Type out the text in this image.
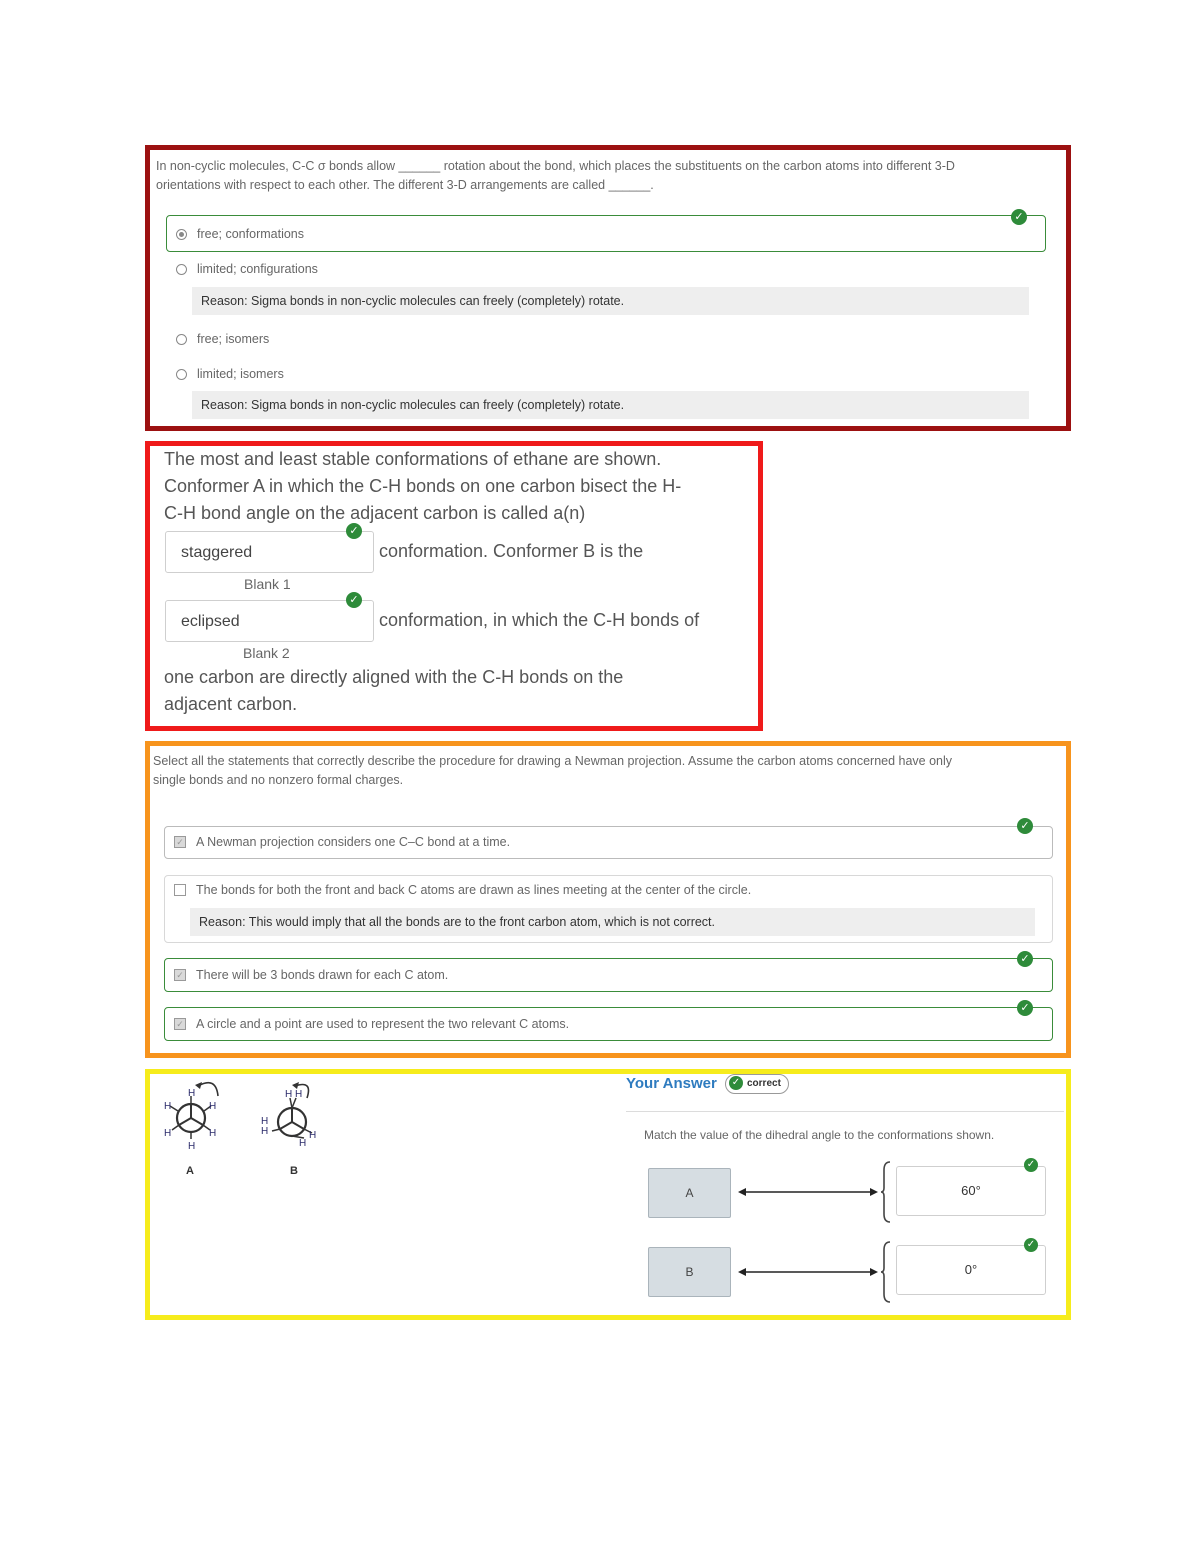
In non-cyclic molecules, C-C σ bonds allow ______ rotation about the bond, which places the substituents on the carbon atoms into different 3-D
orientations with respect to each other. The different 3-D arrangements are called ______.
✓
free; conformations
limited; configurations
Reason: Sigma bonds in non-cyclic molecules can freely (completely) rotate.
free; isomers
limited; isomers
Reason: Sigma bonds in non-cyclic molecules can freely (completely) rotate.
The most and least stable conformations of ethane are shown.
Conformer A in which the C-H bonds on one carbon bisect the H-
C-H bond angle on the adjacent carbon is called a(n)
staggered
✓
conformation. Conformer B is the
Blank 1
eclipsed
✓
conformation, in which the C-H bonds of
Blank 2
one carbon are directly aligned with the C-H bonds on the
adjacent carbon.
Select all the statements that correctly describe the procedure for drawing a Newman projection. Assume the carbon atoms concerned have only
single bonds and no nonzero formal charges.
✓
✓ A Newman projection considers one C–C bond at a time.
The bonds for both the front and back C atoms are drawn as lines meeting at the center of the circle.
Reason: This would imply that all the bonds are to the front carbon atom, which is not correct.
✓
✓ There will be 3 bonds drawn for each C atom.
✓
✓ A circle and a point are used to represent the two relevant C atoms.
H
H	H
H	H
H
A
H H
H
H	H
H
B
Your Answer ✓ correct
Match the value of the dihedral angle to the conformations shown.
A	60°
✓
B	0°
✓
